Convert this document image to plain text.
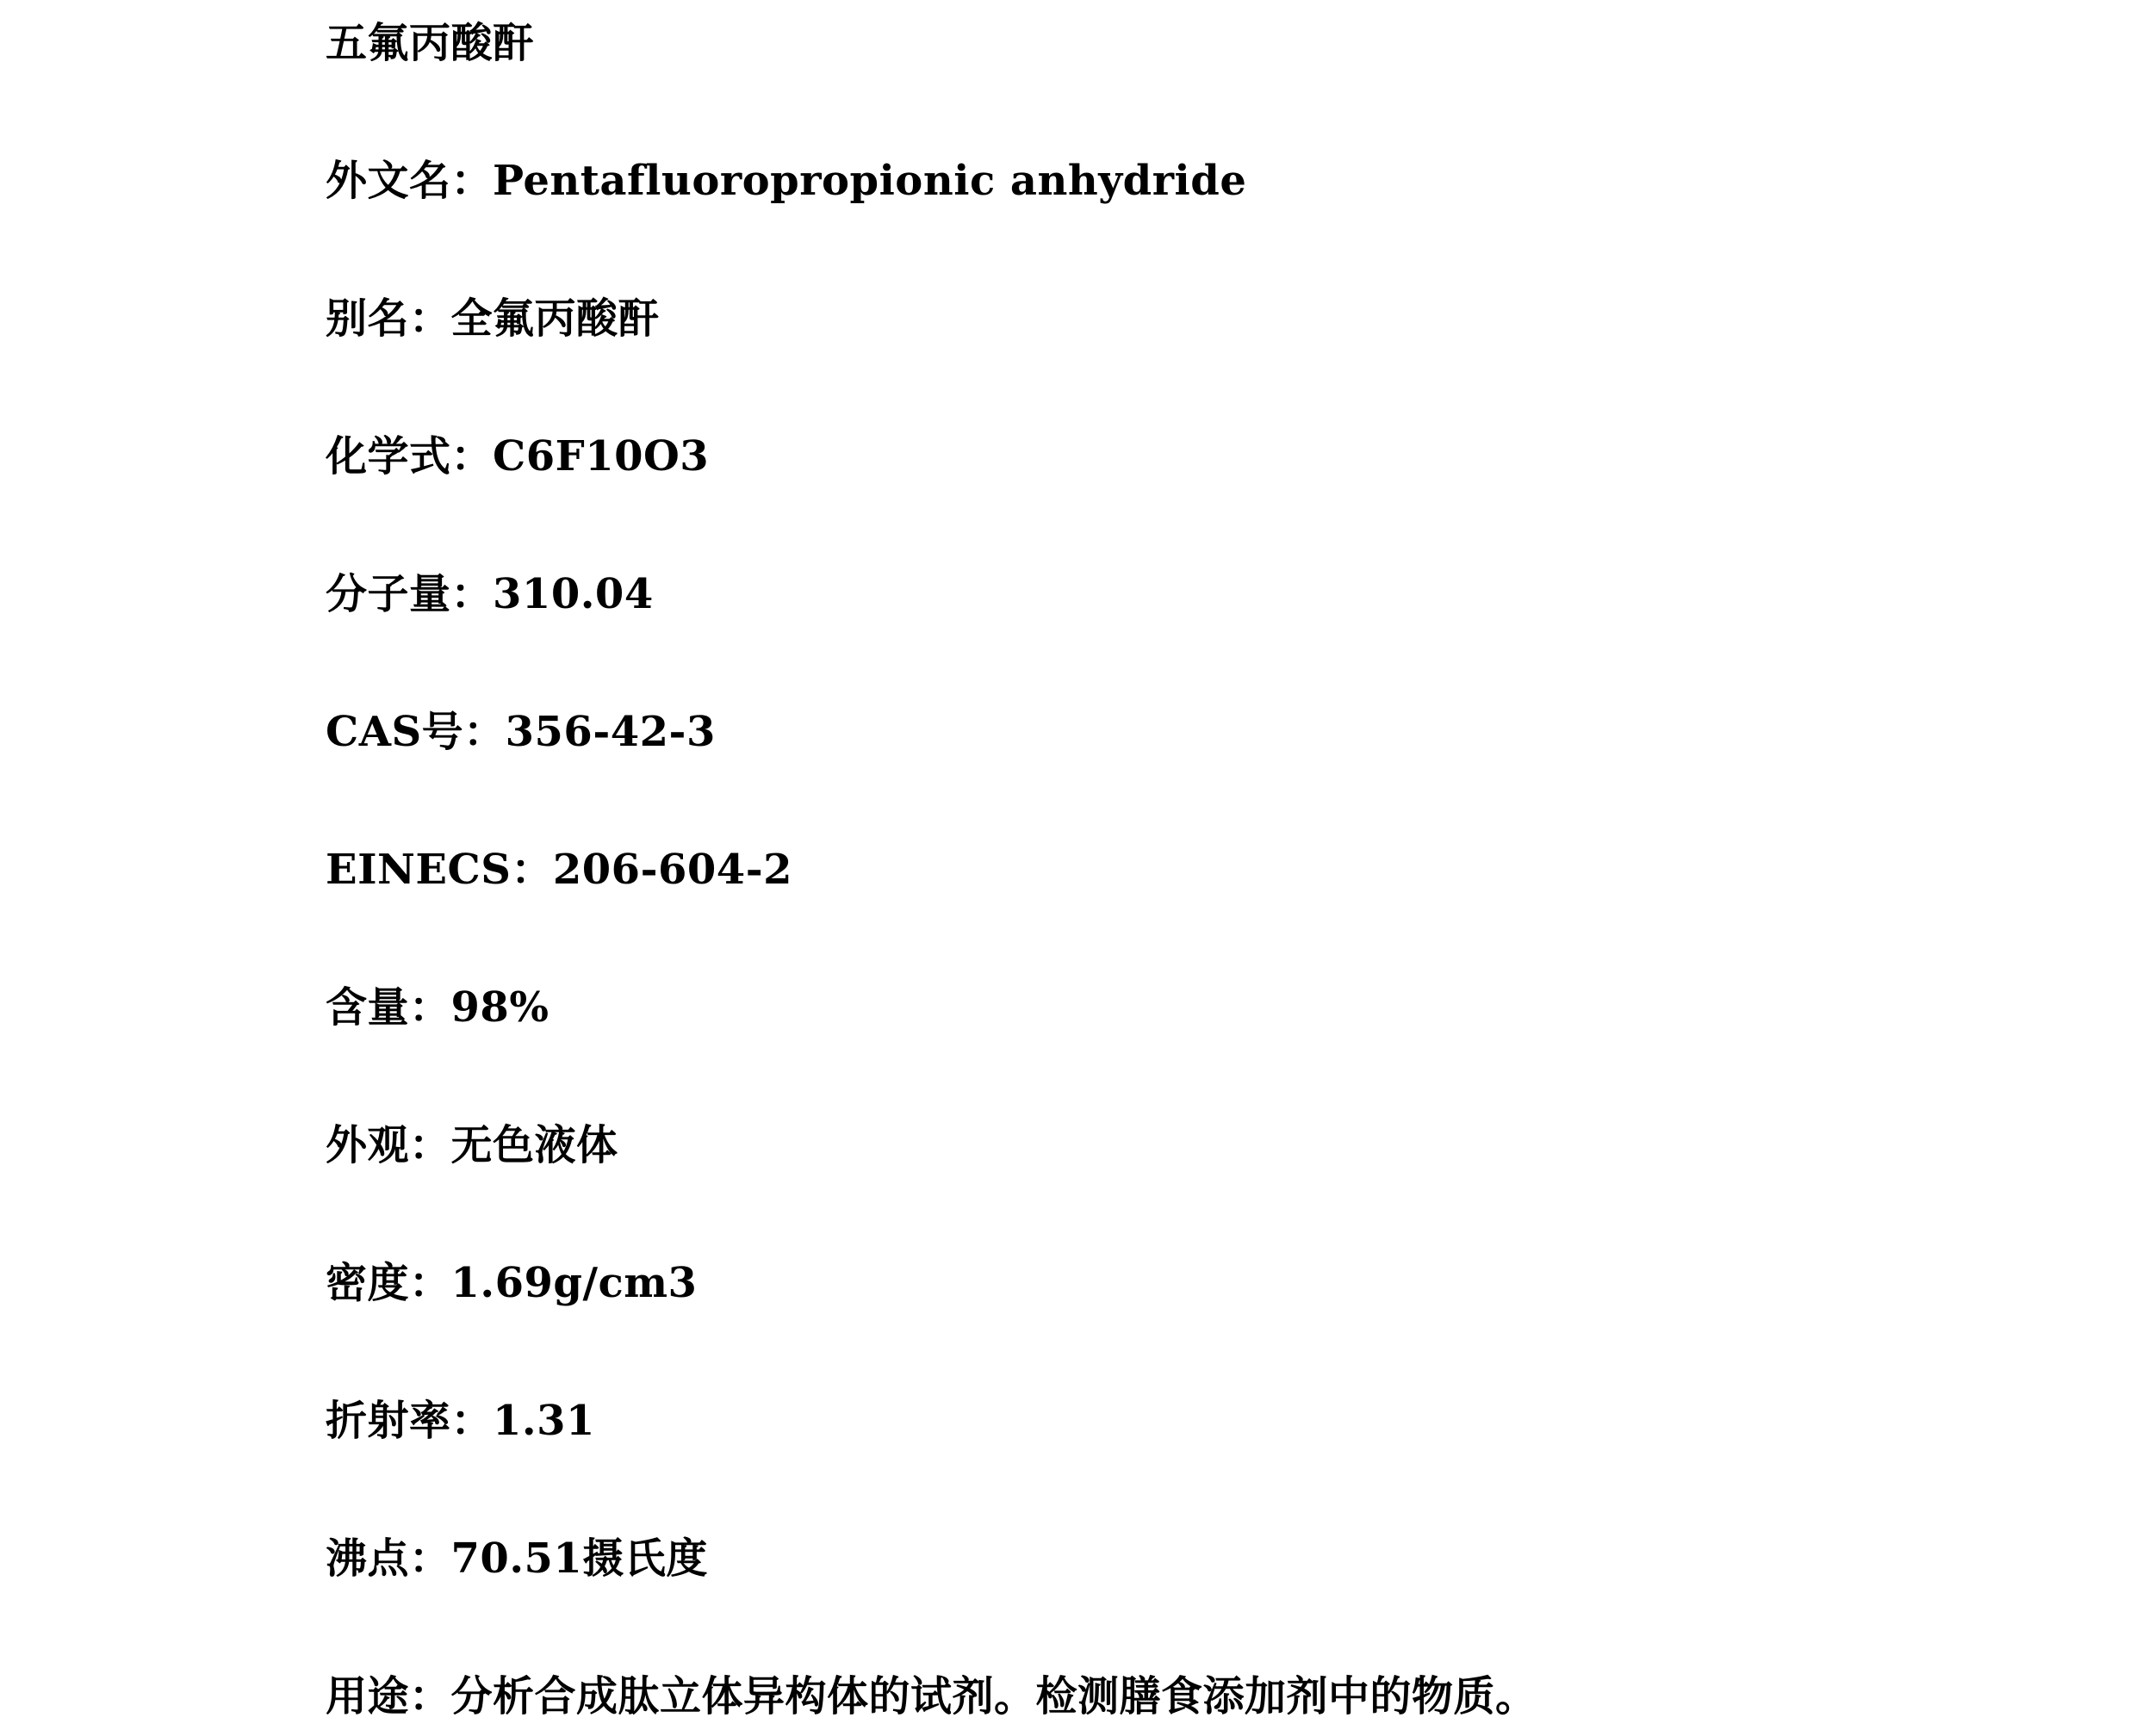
五氟丙酸酐
外文名：Pentafluoropropionic anhydride
别名：全氟丙酸酐
化学式：C6F10O3
分子量：310.04
CAS号：356-42-3
EINECS：206-604-2
含量：98%
外观：无色液体
密度：1.69g/cm3
折射率：1.31
沸点：70.51摄氏度
用途：分析合成肽立体异构体的试剂。检测膳食添加剂中的物质。
